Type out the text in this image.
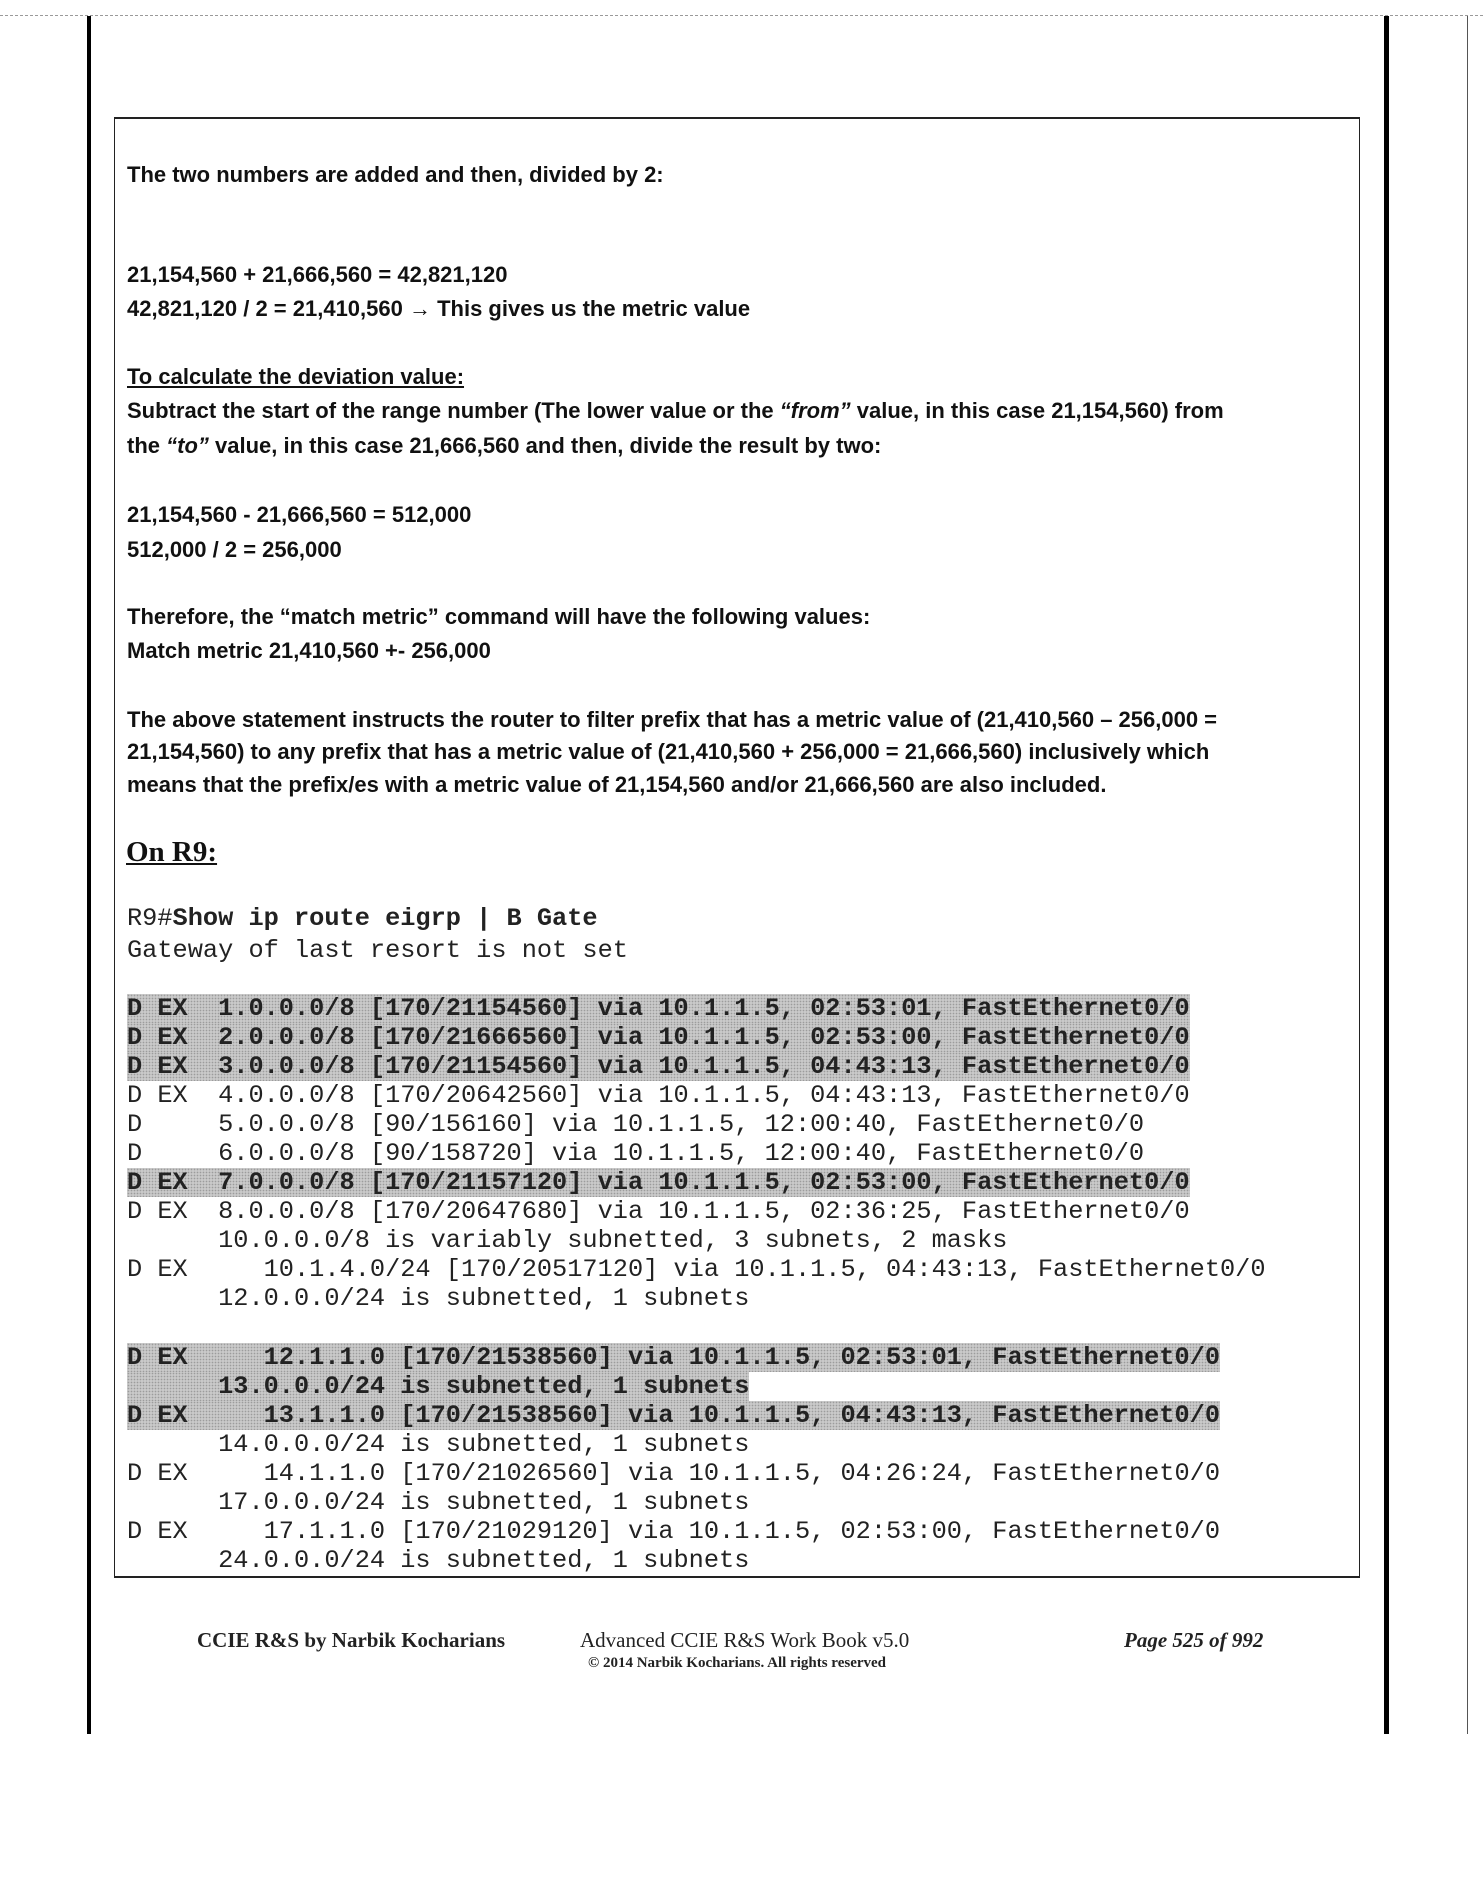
The two numbers are added and then, divided by 2:
21,154,560 + 21,666,560 = 42,821,120
42,821,120 / 2 = 21,410,560 → This gives us the metric value
To calculate the deviation value:
Subtract the start of the range number (The lower value or the “from” value, in this case 21,154,560) from
the “to” value, in this case 21,666,560 and then, divide the result by two:
21,154,560 - 21,666,560 = 512,000
512,000 / 2 = 256,000
Therefore, the “match metric” command will have the following values:
Match metric 21,410,560 +- 256,000
The above statement instructs the router to filter prefix that has a metric value of (21,410,560 – 256,000 =
21,154,560) to any prefix that has a metric value of (21,410,560 + 256,000 = 21,666,560) inclusively which
means that the prefix/es with a metric value of 21,154,560 and/or 21,666,560 are also included.
On R9:
R9#Show ip route eigrp | B Gate
Gateway of last resort is not set
D EX  1.0.0.0/8 [170/21154560] via 10.1.1.5, 02:53:01, FastEthernet0/0
D EX  2.0.0.0/8 [170/21666560] via 10.1.1.5, 02:53:00, FastEthernet0/0
D EX  3.0.0.0/8 [170/21154560] via 10.1.1.5, 04:43:13, FastEthernet0/0
D EX  4.0.0.0/8 [170/20642560] via 10.1.1.5, 04:43:13, FastEthernet0/0
D     5.0.0.0/8 [90/156160] via 10.1.1.5, 12:00:40, FastEthernet0/0
D     6.0.0.0/8 [90/158720] via 10.1.1.5, 12:00:40, FastEthernet0/0
D EX  7.0.0.0/8 [170/21157120] via 10.1.1.5, 02:53:00, FastEthernet0/0
D EX  8.0.0.0/8 [170/20647680] via 10.1.1.5, 02:36:25, FastEthernet0/0
10.0.0.0/8 is variably subnetted, 3 subnets, 2 masks
D EX     10.1.4.0/24 [170/20517120] via 10.1.1.5, 04:43:13, FastEthernet0/0
12.0.0.0/24 is subnetted, 1 subnets
D EX     12.1.1.0 [170/21538560] via 10.1.1.5, 02:53:01, FastEthernet0/0
13.0.0.0/24 is subnetted, 1 subnets
D EX     13.1.1.0 [170/21538560] via 10.1.1.5, 04:43:13, FastEthernet0/0
14.0.0.0/24 is subnetted, 1 subnets
D EX     14.1.1.0 [170/21026560] via 10.1.1.5, 04:26:24, FastEthernet0/0
17.0.0.0/24 is subnetted, 1 subnets
D EX     17.1.1.0 [170/21029120] via 10.1.1.5, 02:53:00, FastEthernet0/0
24.0.0.0/24 is subnetted, 1 subnets
CCIE R&S by Narbik Kocharians	Advanced CCIE R&S Work Book v5.0
© 2014 Narbik Kocharians. All rights reserved
Page 525 of 992
